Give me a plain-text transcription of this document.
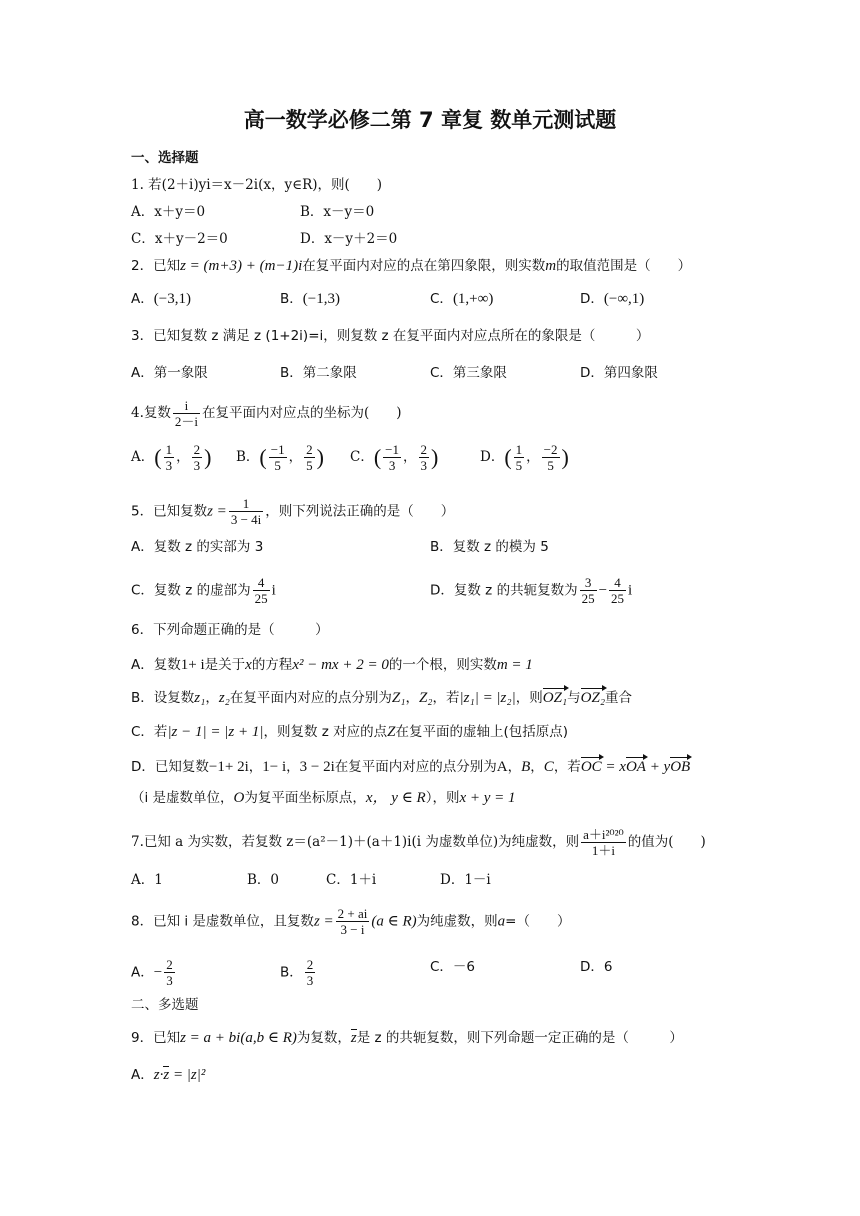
高一数学必修二第 7 章复 数单元测试题
一、选择题
1. 若(2＋i)yi＝x－2i(x，y∈R)，则(　　)
A．x＋y＝0	B．x－y＝0
C．x＋y－2＝0	D．x－y＋2＝0
2．已知z = (m+3) + (m−1)i在复平面内对应的点在第四象限，则实数m的取值范围是（　　）
A．(−3,1)	B．(−1,3)	C．(1,+∞)	D．(−∞,1)
3．已知复数 z 满足 z (1+2i)=i，则复数 z 在复平面内对应点所在的象限是（　　　）
A．第一象限	B．第二象限	C．第三象限	D．第四象限
4.复数 $\frac{i}{2-i}$ 在复平面内对应点的坐标为(　　)
A．( $\frac{1}{3}$ ， $\frac{2}{3}$ ) B．( $\frac{-1}{5}$ ， $\frac{2}{5}$ ) C．( $\frac{-1}{3}$ ， $\frac{2}{3}$ )	D．( $\frac{1}{5}$ ， $\frac{-2}{5}$ )
5．已知复数$z = \frac{1}{3 - 4i}$ ，则下列说法正确的是（　　）
A．复数 z 的实部为 3	B．复数 z 的模为 5
C．复数 z 的虚部为 $\frac{4}{25}$ i	D．复数 z 的共轭复数为 $\frac{3}{25} - \frac{4}{25}$ i
6．下列命题正确的是（　　　）
A．复数1+ i是关于x的方程x² − mx + 2 = 0的一个根，则实数m = 1
B．设复数z₁，z₂在复平面内对应的点分别为Z₁，Z₂，若|z₁| = |z₂|，则OZ₁与OZ₂重合
C．若|z − 1| = |z + 1|，则复数 z 对应的点Z在复平面的虚轴上(包括原点)
D．已知复数−1+ 2i，1− i，3 − 2i在复平面内对应的点分别为A，B，C，若OC = xOA + yOB
（i 是虚数单位，O为复平面坐标原点，x， y ∈ R），则x + y = 1
7.已知 a 为实数，若复数 z＝(a²－1)＋(a＋1)i(i 为虚数单位)为纯虚数，则 $\frac{\text{a＋i²⁰²⁰}}{1+i}$ 的值为(　　)
A．1	B．0	C．1＋i	D．1－i
8．已知 i 是虚数单位，且复数$z = \frac{2 + ai}{3 - i} (a$ ∈ R)为纯虚数，则a=（　　）
A．− $\frac{2}{3}$	B． $\frac{2}{3}$	C．－6	D．6
二、多选题
9．已知z = a + bi(a,b ∈ R)为复数，z是 z 的共轭复数，则下列命题一定正确的是（　　　）
A．z·z = |z|²
